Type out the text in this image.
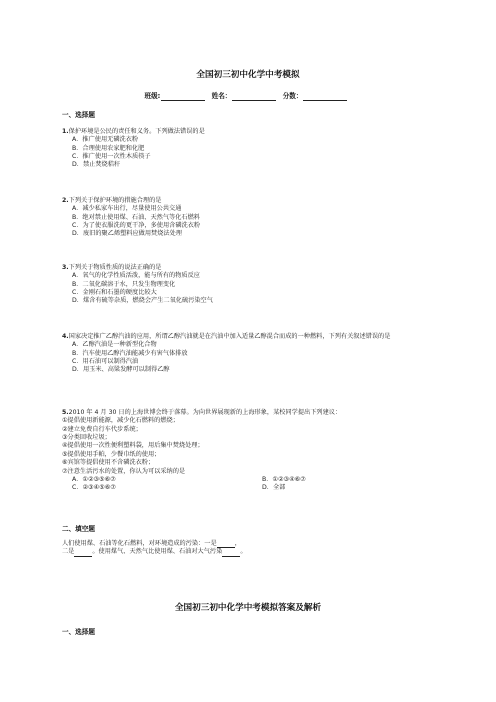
全国初三初中化学中考模拟
班级:	姓名：	分数：
一、选择题
1.保护环境是公民的责任和义务。下列做法错误的是
A．推广使用无磷洗衣粉
B．合理使用农家肥和化肥
C．推广使用一次性木质筷子
D．禁止焚烧秸秆
2.下列关于保护环境的措施合理的是
A．减少私家车出行，尽量使用公共交通
B．绝对禁止使用煤、石油、天然气等化石燃料
C．为了使衣服洗的更干净，多使用含磷洗衣粉
D．废旧的聚乙烯塑料应做用焚烧法处理
3.下列关于物质性质的说法正确的是
A．氧气的化学性质活泼，能与所有的物质反应
B．二氧化碳溶于水，只发生物理变化
C．金刚石和石墨的硬度比较大
D．煤含有硫等杂质，燃烧会产生二氧化硫污染空气
4.国家决定推广乙醇汽油的应用，所谓乙醇汽油就是在汽油中加入适量乙醇混合而成的一种燃料，下列有关叙述错误的是
A．乙醇汽油是一种新型化合物
B．汽车使用乙醇汽油能减少有害气体排放
C．用石油可以制得汽油
D．用玉米、高粱发酵可以制得乙醇
5.2010 年 4 月 30 日的上海世博会终于落幕。为向世界展现新的上海形象，某校同学提出下列建议：
①提倡使用新能源，减少化石燃料的燃烧；
②建立免费自行车代步系统；
③分类回收垃圾；
④提倡使用一次性便利塑料袋，用后集中焚烧处理；
⑤提倡使用手帕，少餐巾纸的使用；
⑥宾馆等提倡使用不含磷洗衣粉；
⑦注意生活污水的处置，你认为可以采纳的是
A．①②③⑤⑥⑦	B．①②③④⑥⑦
C．②③④⑤⑥⑦	D．全部
二、填空题
人们使用煤、石油等化石燃料，对环境造成的污染：一是	，
二是	。使用煤气、天然气比使用煤、石油对大气污染	。
全国初三初中化学中考模拟答案及解析
一、选择题
